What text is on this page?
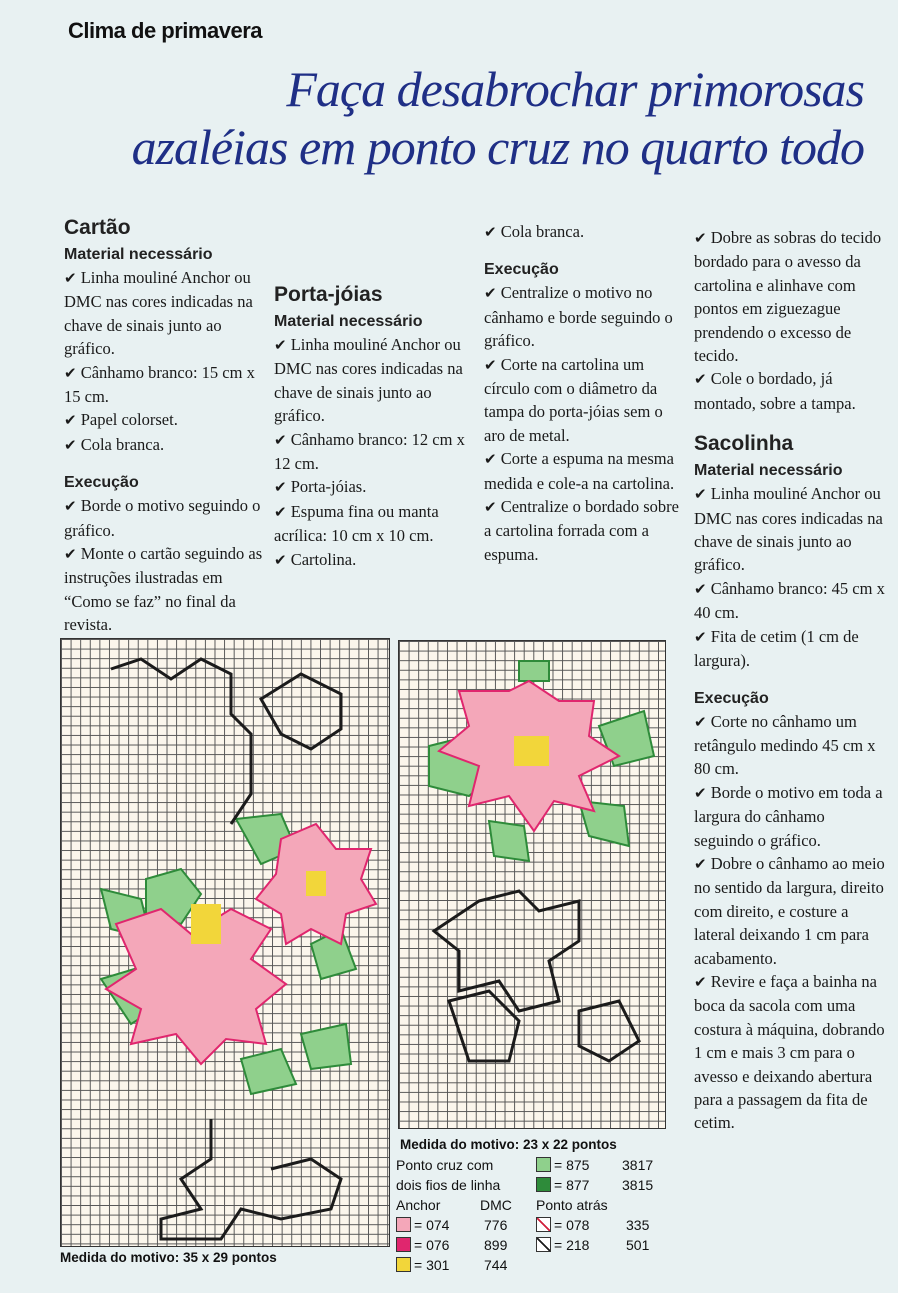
Clima de primavera
Faça desabrochar primorosas
azaléias em ponto cruz no quarto todo
Cartão
Material necessário

✔ Linha mouliné Anchor ou DMC nas cores indicadas na chave de sinais junto ao gráfico.

✔ Cânhamo branco: 15 cm x 15 cm.

✔ Papel colorset.

✔ Cola branca.

Execução

✔ Borde o motivo seguindo o gráfico.

✔ Monte o cartão seguindo as instruções ilustradas em “Como se faz” no final da revista.

Porta-jóias
Material necessário

✔ Linha mouliné Anchor ou DMC nas cores indicadas na chave de sinais junto ao gráfico.

✔ Cânhamo branco: 12 cm x 12 cm.

✔ Porta-jóias.

✔ Espuma fina ou manta acrílica: 10 cm x 10 cm.

✔ Cartolina.

✔ Cola branca.

Execução

✔ Centralize o motivo no cânhamo e borde seguindo o gráfico.

✔ Corte na cartolina um círculo com o diâmetro da tampa do porta-jóias sem o aro de metal.

✔ Corte a espuma na mesma medida e cole-a na cartolina.

✔ Centralize o bordado sobre a cartolina forrada com a espuma.

✔ Dobre as sobras do tecido bordado para o avesso da cartolina e alinhave com pontos em ziguezague prendendo o excesso de tecido.

✔ Cole o bordado, já montado, sobre a tampa.

Sacolinha
Material necessário

✔ Linha mouliné Anchor ou DMC nas cores indicadas na chave de sinais junto ao gráfico.

✔ Cânhamo branco: 45 cm x 40 cm.

✔ Fita de cetim (1 cm de largura).

Execução

✔ Corte no cânhamo um retângulo medindo 45 cm x 80 cm.

✔ Borde o motivo em toda a largura do cânhamo seguindo o gráfico.

✔ Dobre o cânhamo ao meio no sentido da largura, direito com direito, e costure a lateral deixando 1 cm para acabamento.

✔ Revire e faça a bainha na boca da sacola com uma costura à máquina, dobrando 1 cm e mais 3 cm para o avesso e deixando abertura para a passagem da fita de cetim.

Medida do motivo: 35 x 29 pontos
Medida do motivo: 23 x 22 pontos
Ponto cruz com
dois fios de linha
Anchor	DMC
= 074 776
= 076 899
= 301 744
= 875 3817
= 877 3815
Ponto atrás
= 078	335
= 218	501
